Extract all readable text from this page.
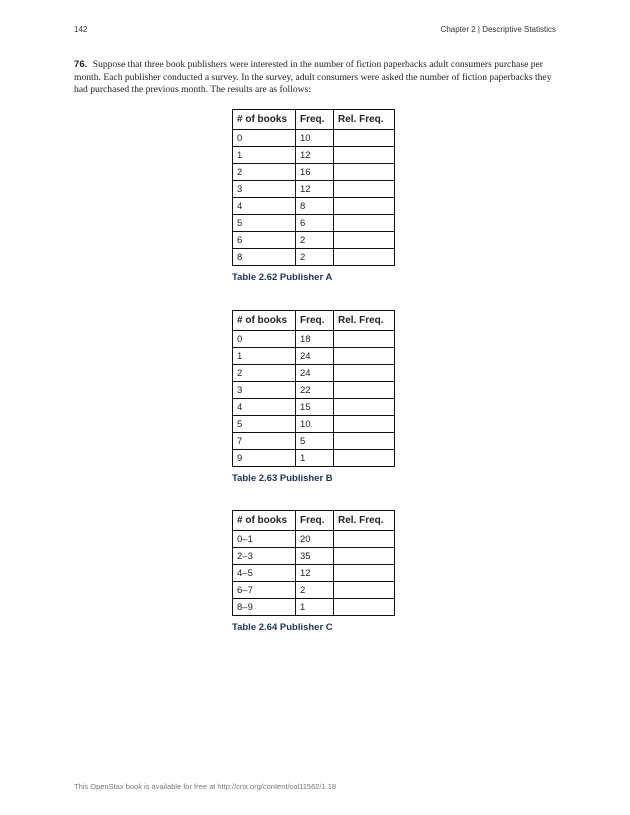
142	Chapter 2 | Descriptive Statistics
76. Suppose that three book publishers were interested in the number of fiction paperbacks adult consumers purchase per month. Each publisher conducted a survey. In the survey, adult consumers were asked the number of fiction paperbacks they had purchased the previous month. The results are as follows:
# of books	Freq.	Rel. Freq.
0	10	
1	12	
2	16	
3	12	
4	8	
5	6	
6	2	
8	2	
Table 2.62 Publisher A
# of books	Freq.	Rel. Freq.
0	18	
1	24	
2	24	
3	22	
4	15	
5	10	
7	5	
9	1	
Table 2.63 Publisher B
# of books	Freq.	Rel. Freq.
0–1	20	
2–3	35	
4–5	12	
6–7	2	
8–9	1	
Table 2.64 Publisher C
This OpenStax book is available for free at http://cnx.org/content/col11562/1.18
